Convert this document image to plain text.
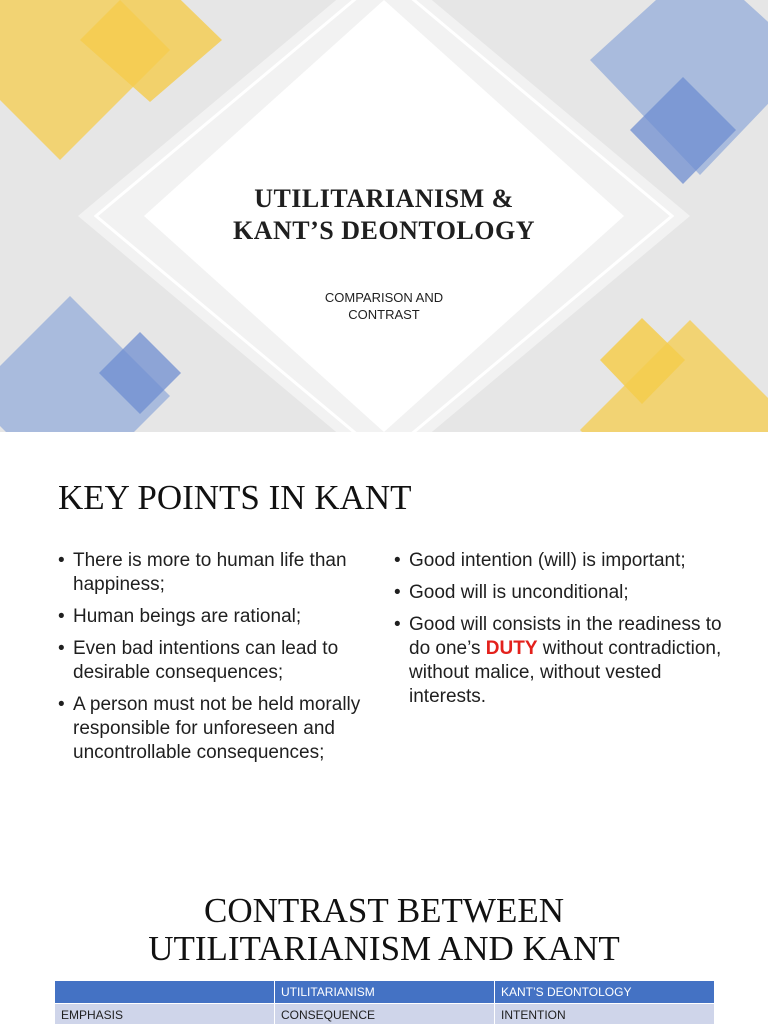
UTILITARIANISM &
KANT’S DEONTOLOGY
COMPARISON AND
CONTRAST
KEY POINTS IN KANT
• There is more to human life than happiness;
• Human beings are rational;
• Even bad intentions can lead to desirable consequences;
• A person must not be held morally responsible for unforeseen and uncontrollable consequences;
• Good intention (will) is important;
• Good will is unconditional;
• Good will consists in the readiness to do one’s DUTY without contradiction, without malice, without vested interests.
CONTRAST BETWEEN
UTILITARIANISM AND KANT
	UTILITARIANISM	KANT’S DEONTOLOGY
EMPHASIS	CONSEQUENCE	INTENTION
